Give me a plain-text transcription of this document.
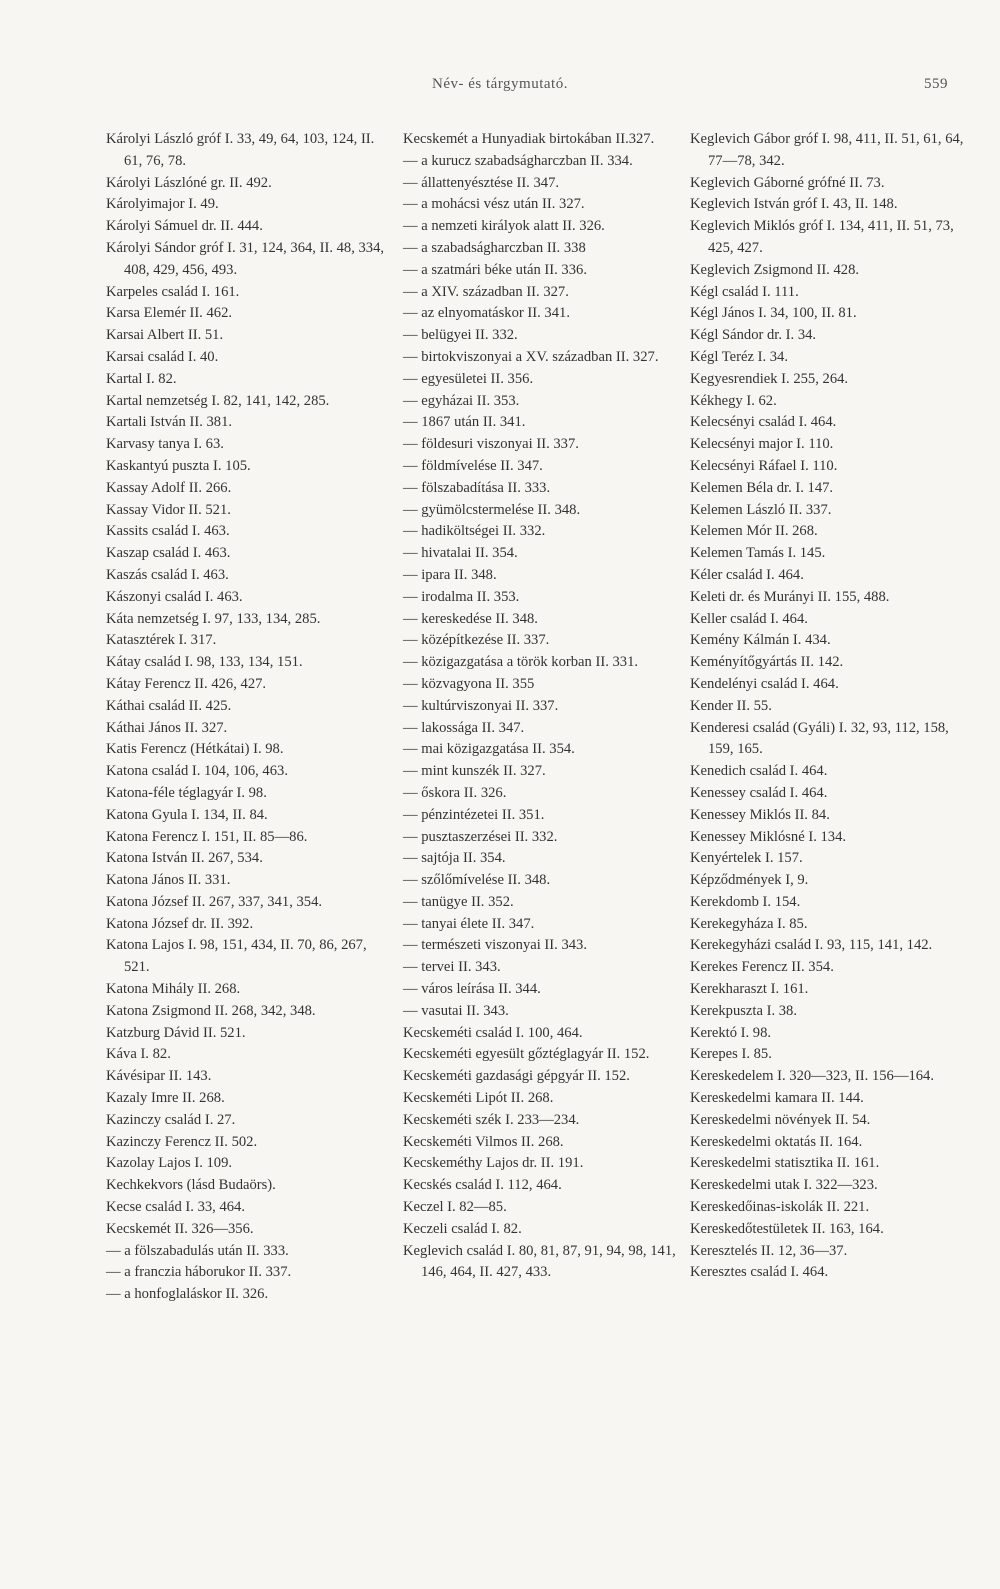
Név- és tárgymutató.	559

Károlyi László gróf I. 33, 49, 64, 103, 124, II. 61, 76, 78.

Károlyi Lászlóné gr. II. 492.

Károlyimajor I. 49.

Károlyi Sámuel dr. II. 444.

Károlyi Sándor gróf I. 31, 124, 364, II. 48, 334, 408, 429, 456, 493.

Karpeles család I. 161.

Karsa Elemér II. 462.

Karsai Albert II. 51.

Karsai család I. 40.

Kartal I. 82.

Kartal nemzetség I. 82, 141, 142, 285.

Kartali István II. 381.

Karvasy tanya I. 63.

Kaskantyú puszta I. 105.

Kassay Adolf II. 266.

Kassay Vidor II. 521.

Kassits család I. 463.

Kaszap család I. 463.

Kaszás család I. 463.

Kászonyi család I. 463.

Káta nemzetség I. 97, 133, 134, 285.

Katasztérek I. 317.

Kátay család I. 98, 133, 134, 151.

Kátay Ferencz II. 426, 427.

Káthai család II. 425.

Káthai János II. 327.

Katis Ferencz (Hétkátai) I. 98.

Katona család I. 104, 106, 463.

Katona-féle téglagyár I. 98.

Katona Gyula I. 134, II. 84.

Katona Ferencz I. 151, II. 85—86.

Katona István II. 267, 534.

Katona János II. 331.

Katona József II. 267, 337, 341, 354.

Katona József dr. II. 392.

Katona Lajos I. 98, 151, 434, II. 70, 86, 267, 521.

Katona Mihály II. 268.

Katona Zsigmond II. 268, 342, 348.

Katzburg Dávid II. 521.

Káva I. 82.

Kávésipar II. 143.

Kazaly Imre II. 268.

Kazinczy család I. 27.

Kazinczy Ferencz II. 502.

Kazolay Lajos I. 109.

Kechkekvors (lásd Budaörs).

Kecse család I. 33, 464.

Kecskemét II. 326—356.

— a fölszabadulás után II. 333.

— a franczia háborukor II. 337.

— a honfoglaláskor II. 326.

Kecskemét a Hunyadiak birtokában II.327.

— a kurucz szabadságharczban II. 334.

— állattenyésztése II. 347.

— a mohácsi vész után II. 327.

— a nemzeti királyok alatt II. 326.

— a szabadságharczban II. 338

— a szatmári béke után II. 336.

— a XIV. században II. 327.

— az elnyomatáskor II. 341.

— belügyei II. 332.

— birtokviszonyai a XV. században II. 327.

— egyesületei II. 356.

— egyházai II. 353.

— 1867 után II. 341.

— földesuri viszonyai II. 337.

— földmívelése II. 347.

— fölszabadítása II. 333.

— gyümölcstermelése II. 348.

— hadiköltségei II. 332.

— hivatalai II. 354.

— ipara II. 348.

— irodalma II. 353.

— kereskedése II. 348.

— középítkezése II. 337.

— közigazgatása a török korban II. 331.

— közvagyona II. 355

— kultúrviszonyai II. 337.

— lakossága II. 347.

— mai közigazgatása II. 354.

— mint kunszék II. 327.

— őskora II. 326.

— pénzintézetei II. 351.

— pusztaszerzései II. 332.

— sajtója II. 354.

— szőlőmívelése II. 348.

— tanügye II. 352.

— tanyai élete II. 347.

— természeti viszonyai II. 343.

— tervei II. 343.

— város leírása II. 344.

— vasutai II. 343.

Kecskeméti család I. 100, 464.

Kecskeméti egyesült gőztéglagyár II. 152.

Kecskeméti gazdasági gépgyár II. 152.

Kecskeméti Lipót II. 268.

Kecskeméti szék I. 233—234.

Kecskeméti Vilmos II. 268.

Kecskeméthy Lajos dr. II. 191.

Kecskés család I. 112, 464.

Keczel I. 82—85.

Keczeli család I. 82.

Keglevich család I. 80, 81, 87, 91, 94, 98, 141, 146, 464, II. 427, 433.

Keglevich Gábor gróf I. 98, 411, II. 51, 61, 64, 77—78, 342.

Keglevich Gáborné grófné II. 73.

Keglevich István gróf I. 43, II. 148.

Keglevich Miklós gróf I. 134, 411, II. 51, 73, 425, 427.

Keglevich Zsigmond II. 428.

Kégl család I. 111.

Kégl János I. 34, 100, II. 81.

Kégl Sándor dr. I. 34.

Kégl Teréz I. 34.

Kegyesrendiek I. 255, 264.

Kékhegy I. 62.

Kelecsényi család I. 464.

Kelecsényi major I. 110.

Kelecsényi Ráfael I. 110.

Kelemen Béla dr. I. 147.

Kelemen László II. 337.

Kelemen Mór II. 268.

Kelemen Tamás I. 145.

Kéler család I. 464.

Keleti dr. és Murányi II. 155, 488.

Keller család I. 464.

Kemény Kálmán I. 434.

Keményítőgyártás II. 142.

Kendelényi család I. 464.

Kender II. 55.

Kenderesi család (Gyáli) I. 32, 93, 112, 158, 159, 165.

Kenedich család I. 464.

Kenessey család I. 464.

Kenessey Miklós II. 84.

Kenessey Miklósné I. 134.

Kenyértelek I. 157.

Képződmények I, 9.

Kerekdomb I. 154.

Kerekegyháza I. 85.

Kerekegyházi család I. 93, 115, 141, 142.

Kerekes Ferencz II. 354.

Kerekharaszt I. 161.

Kerekpuszta I. 38.

Kerektó I. 98.

Kerepes I. 85.

Kereskedelem I. 320—323, II. 156—164.

Kereskedelmi kamara II. 144.

Kereskedelmi növények II. 54.

Kereskedelmi oktatás II. 164.

Kereskedelmi statisztika II. 161.

Kereskedelmi utak I. 322—323.

Kereskedőinas-iskolák II. 221.

Kereskedőtestületek II. 163, 164.

Keresztelés II. 12, 36—37.

Keresztes család I. 464.
